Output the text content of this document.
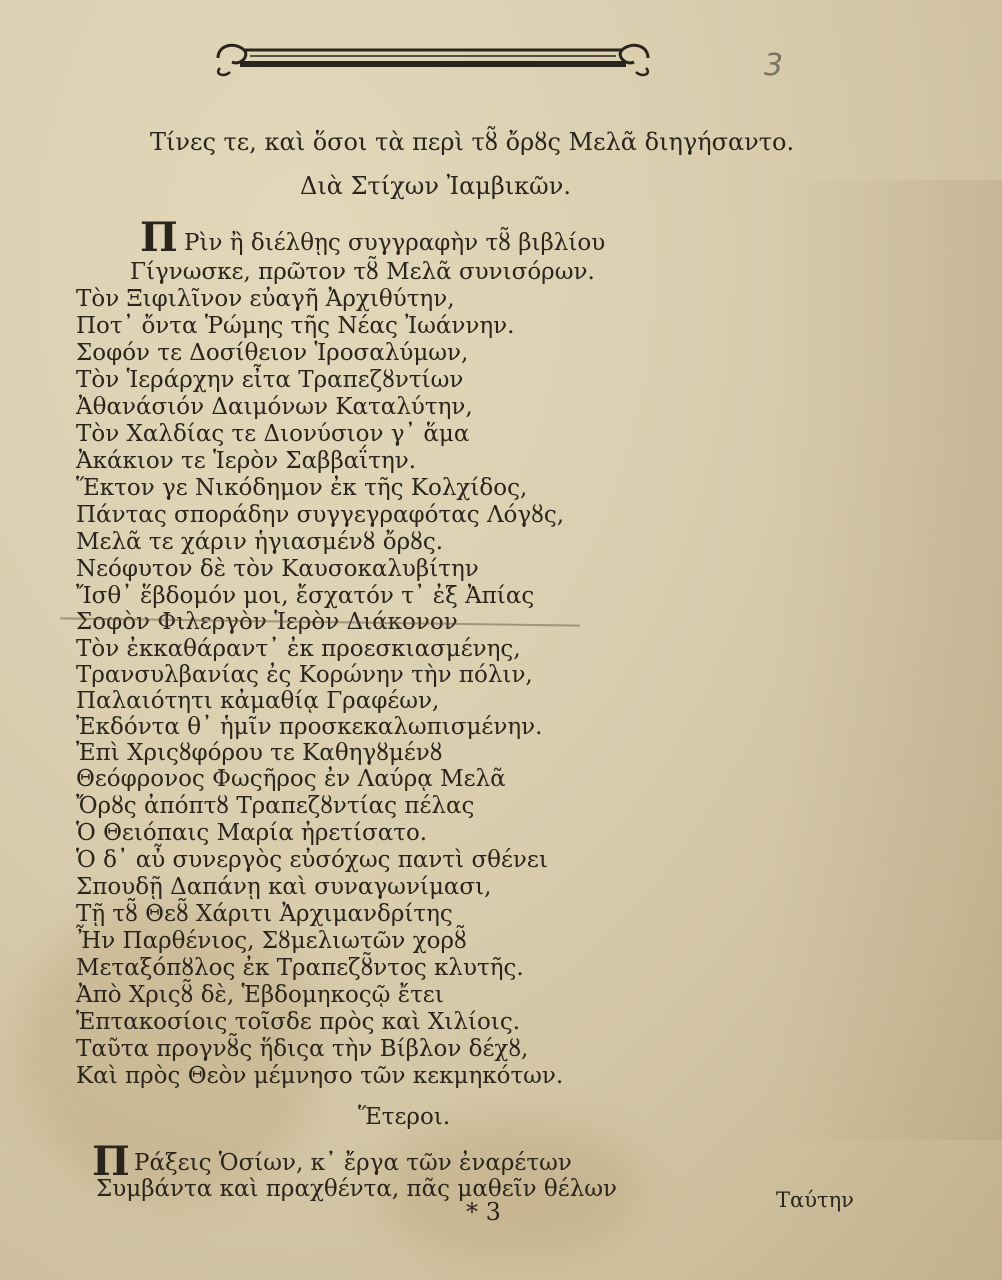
3
Τίνες τε, καὶ ὅσοι τὰ περὶ τȣ̃ ὄρȣς Μελᾶ διηγήσαντο.
Διὰ Στίχων Ἰαμβικῶν.
Π Ρὶν ἢ διέλθῃς συγγραφὴν τȣ̃ βιβλίου
Γίγνωσκε, πρῶτον τȣ̃ Μελᾶ συνισόρων.
Τὸν Ξιφιλῖνον εὐαγῆ Ἀρχιθύτην,
Ποτ᾽ ὄντα Ῥώμης τῆς Νέας Ἰωάννην.
Σοφόν τε Δοσίθειον Ἱροσαλύμων,
Τὸν Ἱεράρχην εἶτα Τραπεζȣντίων
Ἀθανάσιόν Δαιμόνων Καταλύτην,
Τὸν Χαλδίας τε Διονύσιον γ᾽ ἅμα
Ἀκάκιον τε Ἱερὸν Σαββαΐτην.
Ἕκτον γε Νικόδημον ἐκ τῆς Κολχίδος,
Πάντας σποράδην συγγεγραφότας Λόγȣς,
Μελᾶ τε χάριν ἡγιασμένȣ ὄρȣς.
Νεόφυτον δὲ τὸν Καυσοκαλυβίτην
Ἴσθ᾽ ἕβδομόν μοι, ἔσχατόν τ᾽ ἐξ Ἀπίας
Σοφὸν Φιλεργὸν Ἱερὸν Διάκονον
Τὸν ἐκκαθάραντ᾽ ἐκ προεσκιασμένης,
Τρανσυλβανίας ἐς Κορώνην τὴν πόλιν,
Παλαιότητι κἀμαθίᾳ Γραφέων,
Ἐκδόντα θ᾽ ἡμῖν προσκεκαλωπισμένην.
Ἐπὶ Χριςȣφόρου τε Καθηγȣμένȣ
Θεόφρονος Φωςῆρος ἐν Λαύρᾳ Μελᾶ
Ὄρȣς ἀπόπτȣ Τραπεζȣντίας πέλας
Ὁ Θειόπαις Μαρία ἠρετίσατο.
Ὁ δ᾽ αὖ συνεργὸς εὐσόχως παντὶ σθένει
Σπουδῇ Δαπάνῃ καὶ συναγωνίμασι,
Τῇ τȣ̃ Θεȣ̃ Χάριτι Ἀρχιμανδρίτης
Ἦν Παρθένιος, Σȣμελιωτῶν χορȣ̃
Μεταξόπȣλος ἐκ Τραπεζȣ̃ντος κλυτῆς.
Ἀπὸ Χριςȣ̃ δὲ, Ἑβδομηκοςῷ ἔτει
Ἑπτακοσίοις τοῖσδε πρὸς καὶ Χιλίοις.
Ταῦτα προγνȣ̃ς ἥδιςα τὴν Βίβλον δέχȣ,
Καὶ πρὸς Θεὸν μέμνησο τῶν κεκμηκότων.
Ἕτεροι.
Π Ράξεις Ὁσίων, κ᾽ ἔργα τῶν ἐναρέτων
Συμβάντα καὶ πραχθέντα, πᾶς μαθεῖν θέλων
* 3	Ταύτην
